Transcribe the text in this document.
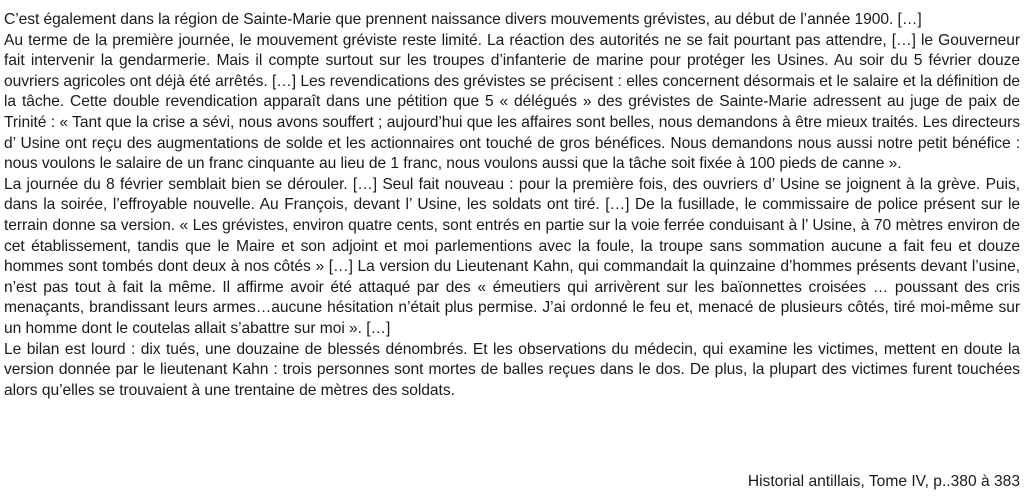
C’est également dans la région de Sainte-Marie que prennent naissance divers mouvements grévistes, au début de l’année 1900. […]

Au terme de la première journée, le mouvement gréviste reste limité. La réaction des autorités ne se fait pourtant pas attendre, […] le Gouverneur fait intervenir la gendarmerie. Mais il compte surtout sur les troupes d’infanterie de marine pour protéger les Usines. Au soir du 5 février douze ouvriers agricoles ont déjà été arrêtés. […] Les revendications des grévistes se précisent : elles concernent désormais et le salaire et la définition de la tâche. Cette double revendication apparaît dans une pétition que 5 « délégués » des grévistes de Sainte-Marie adressent au juge de paix de Trinité : « Tant que la crise a sévi, nous avons souffert ; aujourd’hui que les affaires sont belles, nous demandons à être mieux traités. Les directeurs d’ Usine ont reçu des augmentations de solde et les actionnaires ont touché de gros bénéfices. Nous demandons nous aussi notre petit bénéfice : nous voulons le salaire de un franc cinquante au lieu de 1 franc, nous voulons aussi que la tâche soit fixée à 100 pieds de canne ».

La journée du 8 février semblait bien se dérouler. […] Seul fait nouveau : pour la première fois, des ouvriers d’ Usine se joignent à la grève. Puis, dans la soirée, l’effroyable nouvelle. Au François, devant l’ Usine, les soldats ont tiré. […] De la fusillade, le commissaire de police présent sur le terrain donne sa version. « Les grévistes, environ quatre cents, sont entrés en partie sur la voie ferrée conduisant à l’ Usine, à 70 mètres environ de cet établissement, tandis que le Maire et son adjoint et moi parlementions avec la foule, la troupe sans sommation aucune a fait feu et douze hommes sont tombés dont deux à nos côtés » […] La version du Lieutenant Kahn, qui commandait la quinzaine d’hommes présents devant l’usine, n’est pas tout à fait la même. Il affirme avoir été attaqué par des « émeutiers qui arrivèrent sur les baïonnettes croisées … poussant des cris menaçants, brandissant leurs armes…aucune hésitation n’était plus permise. J’ai ordonné le feu et, menacé de plusieurs côtés, tiré moi-même sur un homme dont le coutelas allait s’abattre sur moi ». […]

Le bilan est lourd : dix tués, une douzaine de blessés dénombrés. Et les observations du médecin, qui examine les victimes, mettent en doute la version donnée par le lieutenant Kahn : trois personnes sont mortes de balles reçues dans le dos. De plus, la plupart des victimes furent touchées alors qu’elles se trouvaient à une trentaine de mètres des soldats.

Historial antillais, Tome IV, p..380 à 383
